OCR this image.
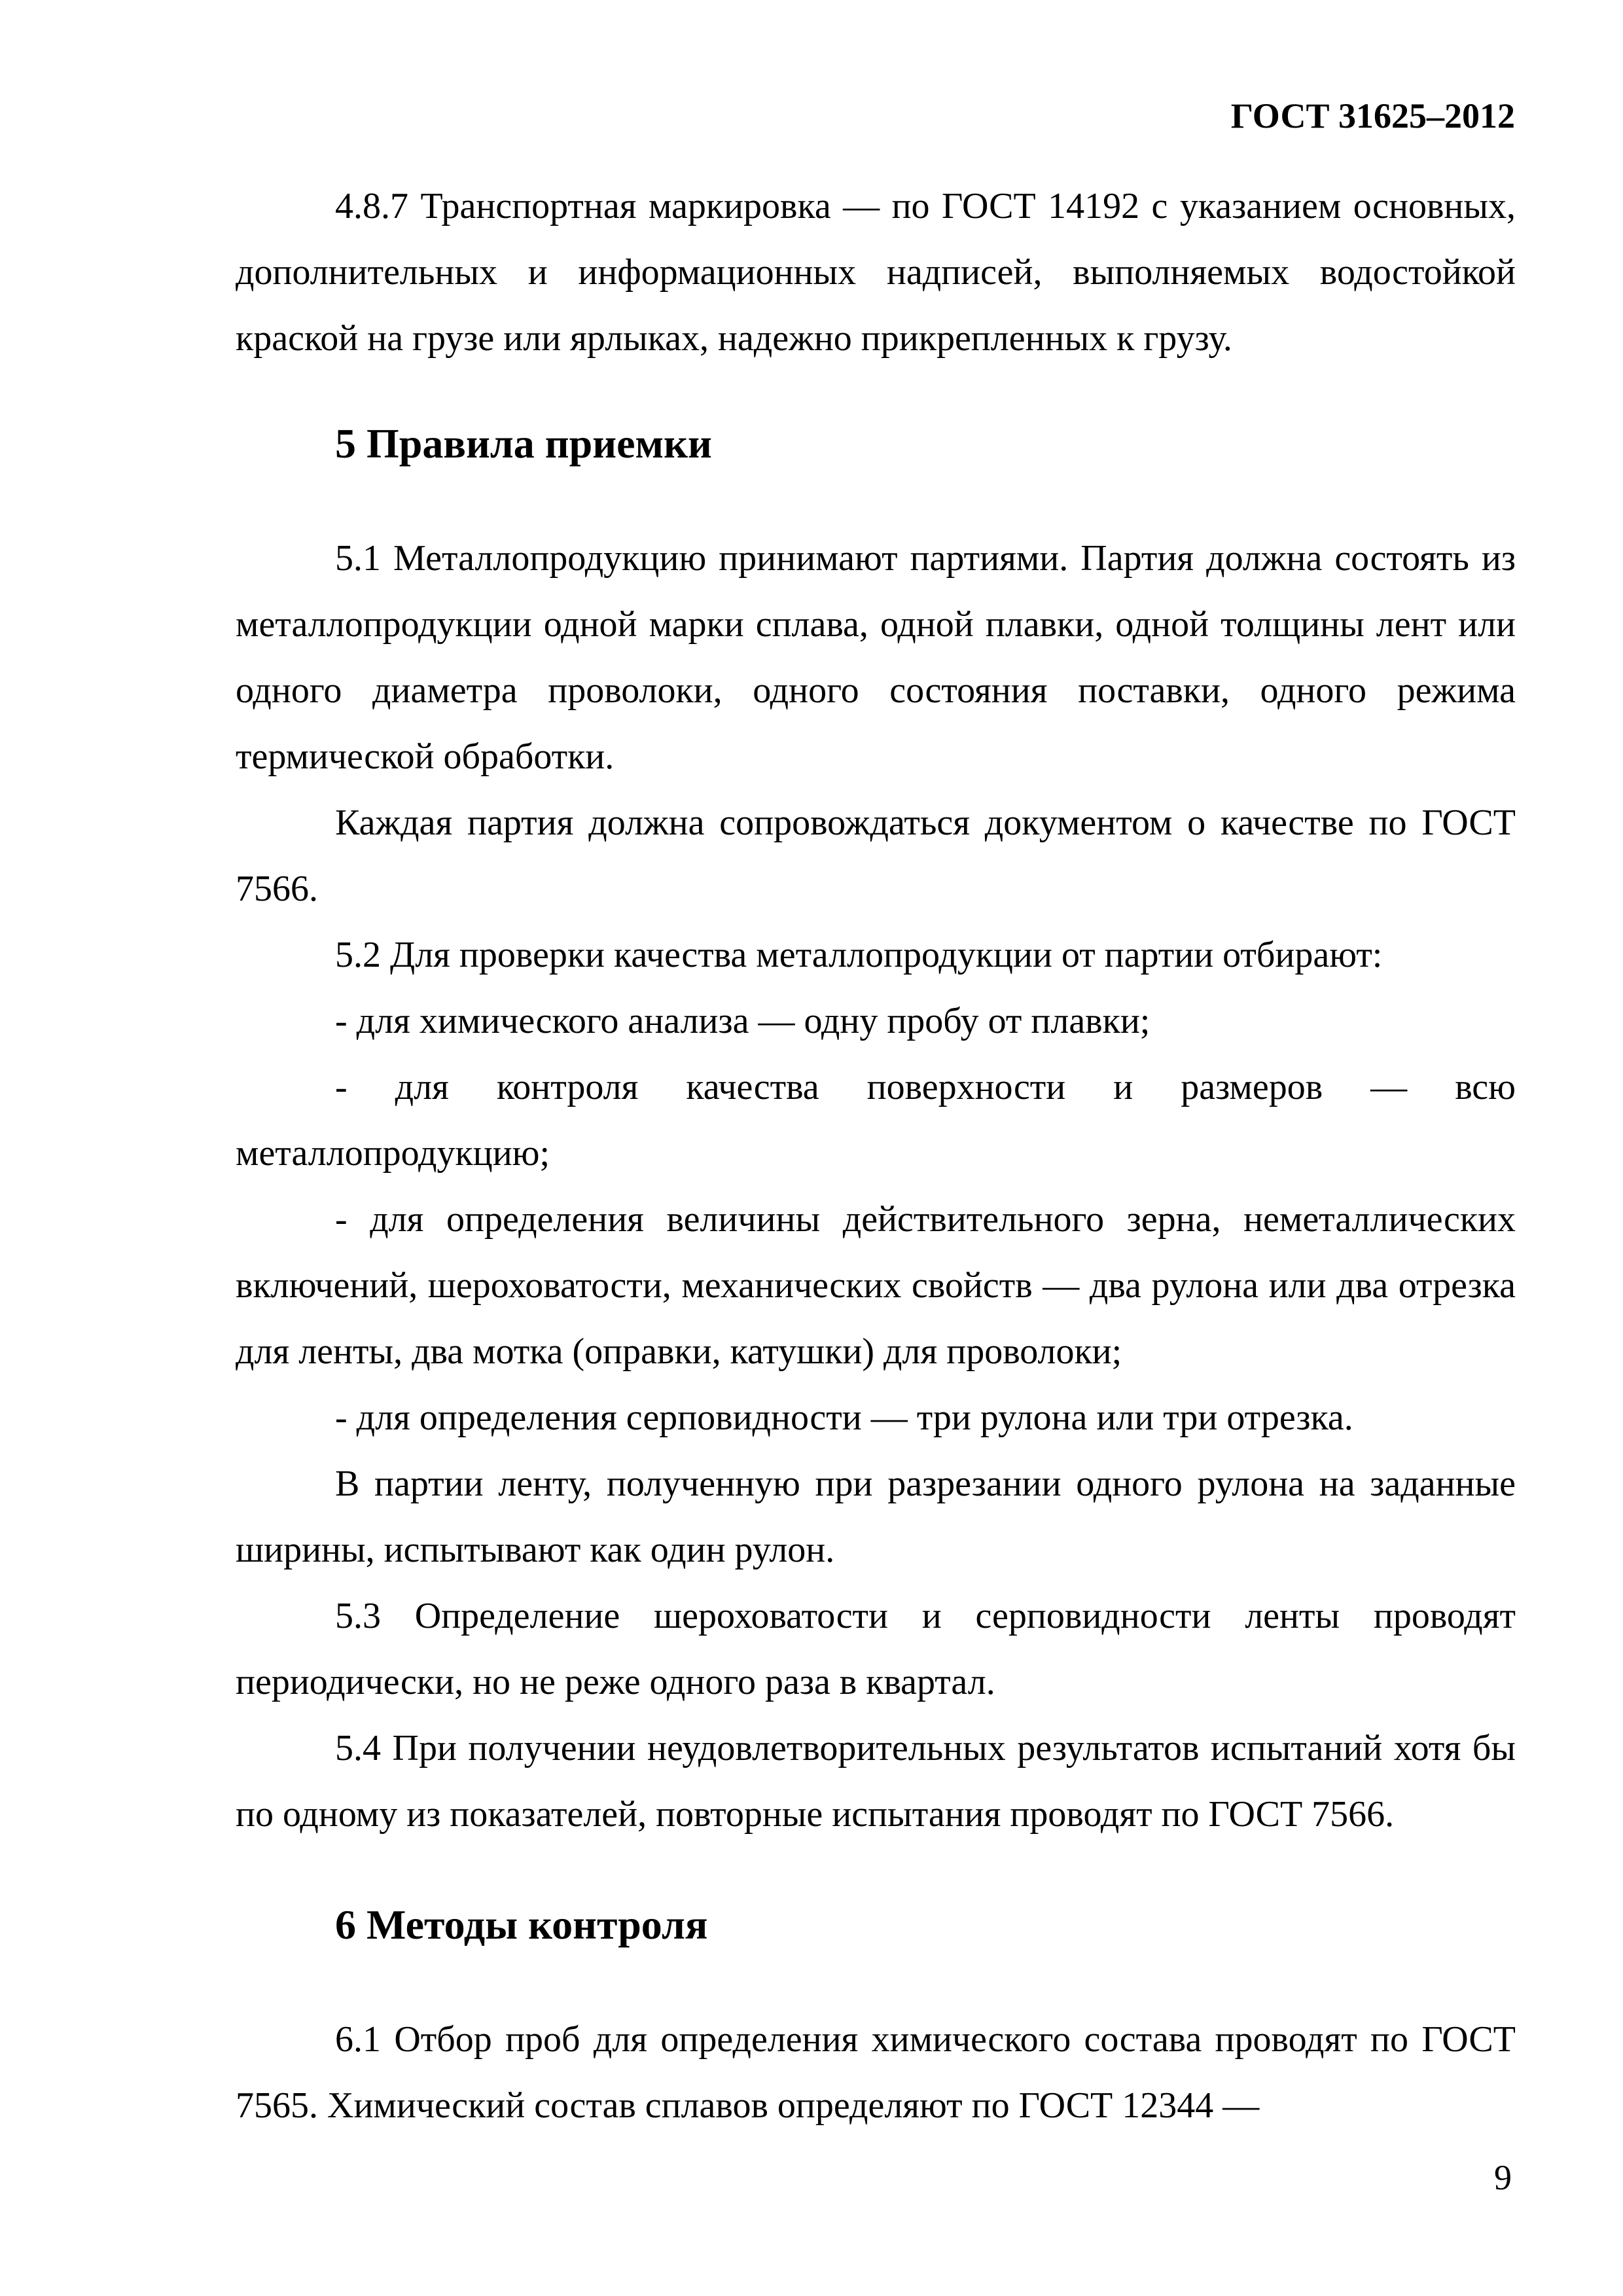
ГОСТ 31625–2012

4.8.7 Транспортная маркировка — по ГОСТ 14192 с указанием основных, дополнительных и информационных надписей, выполняемых водостойкой краской на грузе или ярлыках, надежно прикрепленных к грузу.

5 Правила приемки

5.1 Металлопродукцию принимают партиями. Партия должна состоять из металлопродукции одной марки сплава, одной плавки, одной толщины лент или одного диаметра проволоки, одного состояния поставки, одного режима термической обработки.

Каждая партия должна сопровождаться документом о качестве по ГОСТ 7566.

5.2 Для проверки качества металлопродукции от партии отбирают:

- для химического анализа — одну пробу от плавки;

- для контроля качества поверхности и размеров — всю металлопродукцию;

- для определения величины действительного зерна, неметаллических включений, шероховатости, механических свойств — два рулона или два отрезка для ленты, два мотка (оправки, катушки) для проволоки;

- для определения серповидности — три рулона или три отрезка.

В партии ленту, полученную при разрезании одного рулона на заданные ширины, испытывают как один рулон.

5.3 Определение шероховатости и серповидности ленты проводят периодически, но не реже одного раза в квартал.

5.4 При получении неудовлетворительных результатов испытаний хотя бы по одному из показателей, повторные испытания проводят по ГОСТ 7566.

6 Методы контроля

6.1 Отбор проб для определения химического состава проводят по ГОСТ 7565. Химический состав сплавов определяют по ГОСТ 12344 —

9
